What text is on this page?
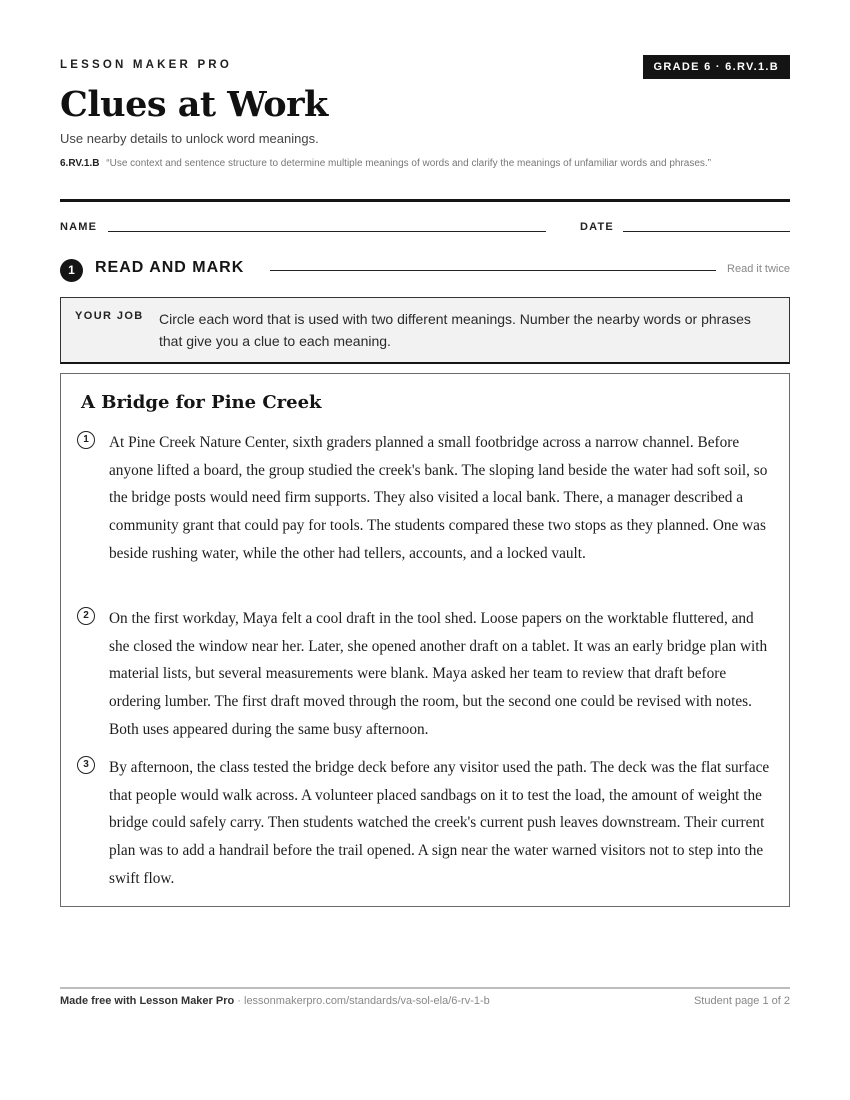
LESSON MAKER PRO	GRADE 6 · 6.RV.1.B
Clues at Work
Use nearby details to unlock word meanings.
6.RV.1.B “Use context and sentence structure to determine multiple meanings of words and clarify the meanings of unfamiliar words and phrases.”
NAME	DATE
1	READ AND MARK	Read it twice
YOUR JOB Circle each word that is used with two different meanings. Number the nearby words or phrases that give you a clue to each meaning.
A Bridge for Pine Creek
1	At Pine Creek Nature Center, sixth graders planned a small footbridge across a narrow channel. Before anyone lifted a board, the group studied the creek's bank. The sloping land beside the water had soft soil, so the bridge posts would need firm supports. They also visited a local bank. There, a manager described a community grant that could pay for tools. The students compared these two stops as they planned. One was beside rushing water, while the other had tellers, accounts, and a locked vault.

2	On the first workday, Maya felt a cool draft in the tool shed. Loose papers on the worktable fluttered, and she closed the window near her. Later, she opened another draft on a tablet. It was an early bridge plan with material lists, but several measurements were blank. Maya asked her team to review that draft before ordering lumber. The first draft moved through the room, but the second one could be revised with notes. Both uses appeared during the same busy afternoon.

3	By afternoon, the class tested the bridge deck before any visitor used the path. The deck was the flat surface that people would walk across. A volunteer placed sandbags on it to test the load, the amount of weight the bridge could safely carry. Then students watched the creek's current push leaves downstream. Their current plan was to add a handrail before the trail opened. A sign near the water warned visitors not to step into the swift flow.

Made free with Lesson Maker Pro · lessonmakerpro.com/standards/va-sol-ela/6-rv-1-b	Student page 1 of 2
